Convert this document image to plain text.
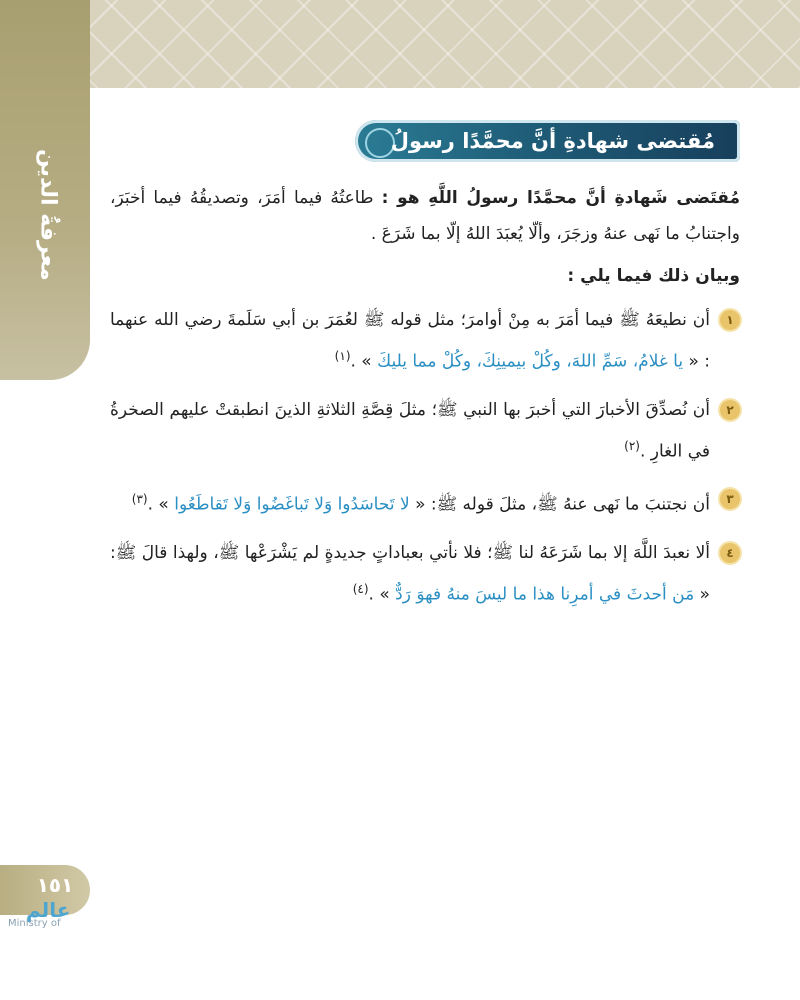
معرفةُ الدين
مُقتضى شهادةِ أنَّ محمَّدًا رسولُ اللَّهِ

مُقتَضى شَهادةِ أنَّ محمَّدًا رسولُ اللَّهِ هو : طاعتُهُ فيما أمَرَ، وتصديقُهُ فيما أخبَرَ، واجتنابُ ما نَهى عنهُ وزجَرَ، وألّا يُعبَدَ اللهُ إلّا بما شَرَعَ .

وبيان ذلك فيما يلي :

١
أن نطيعَهُ ﷺ فيما أمَرَ به مِنْ أوامرَ؛ مثل قوله ﷺ لعُمَرَ بن أبي سَلَمةَ رضي الله عنهما : « يا غلامُ، سَمِّ اللهَ، وكُلْ بيمينِكَ، وكُلْ مما يليكَ » .$^{(١)}$
٢
أن نُصدِّقَ الأخبارَ التي أخبرَ بها النبي ﷺ؛ مثلَ قِصَّةِ الثلاثةِ الذينَ انطبقتْ عليهم الصخرةُ في الغارِ .$^{(٢)}$
٣
أن نجتنبَ ما نَهى عنهُ ﷺ، مثلَ قوله ﷺ: « لا تَحاسَدُوا وَلا تَباغَضُوا وَلا تَقاطَعُوا » .$^{(٣)}$
٤
ألا نعبدَ اللَّهَ إلا بما شَرَعَهُ لنا ﷺ؛ فلا نأتي بعباداتٍ جديدةٍ لم يَشْرَعْها ﷺ، ولهذا قالَ ﷺ: « مَن أحدثَ في أمرِنا هذا ما ليسَ منهُ فهوَ رَدٌّ » .$^{(٤)}$
١٥١
عالم
Ministry of
